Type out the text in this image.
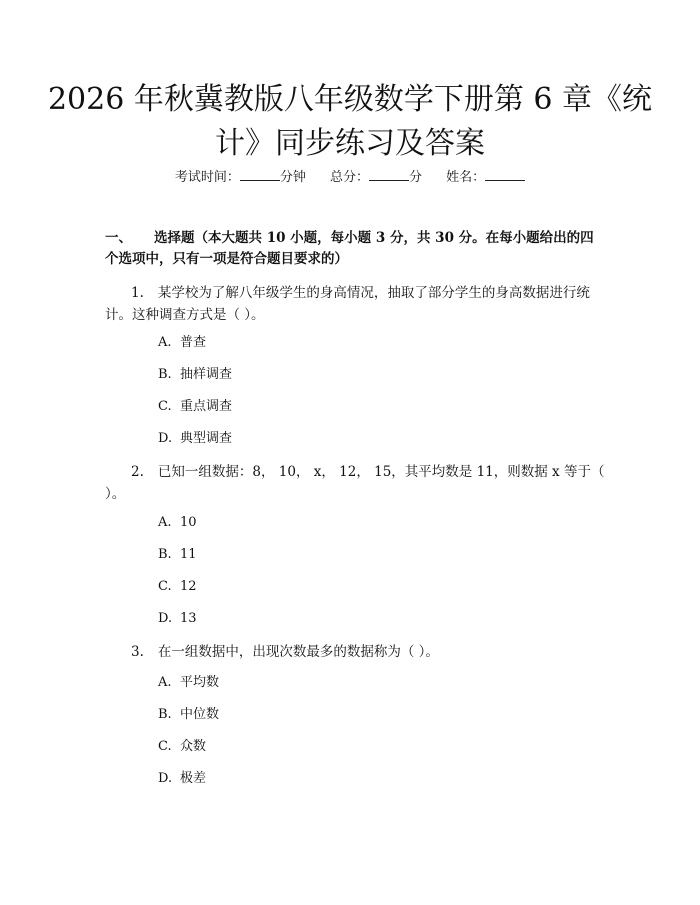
2026 年秋冀教版八年级数学下册第 6 章《统
计》同步练习及答案
考试时间：	分钟 总分：	分 姓名：

一、 选择题（本大题共 10 小题，每小题 3 分，共 30 分。在每小题给出的四个选项中，只有一项是符合题目要求的）

1. 某学校为了解八年级学生的身高情况，抽取了部分学生的身高数据进行统计。这种调查方式是（ ）。

A. 普查
B. 抽样调查
C. 重点调查
D. 典型调查

2. 已知一组数据：8， 10， x， 12， 15，其平均数是 11，则数据 x 等于（ ）。

A. 10
B. 11
C. 12
D. 13

3. 在一组数据中，出现次数最多的数据称为（ ）。

A. 平均数
B. 中位数
C. 众数
D. 极差
